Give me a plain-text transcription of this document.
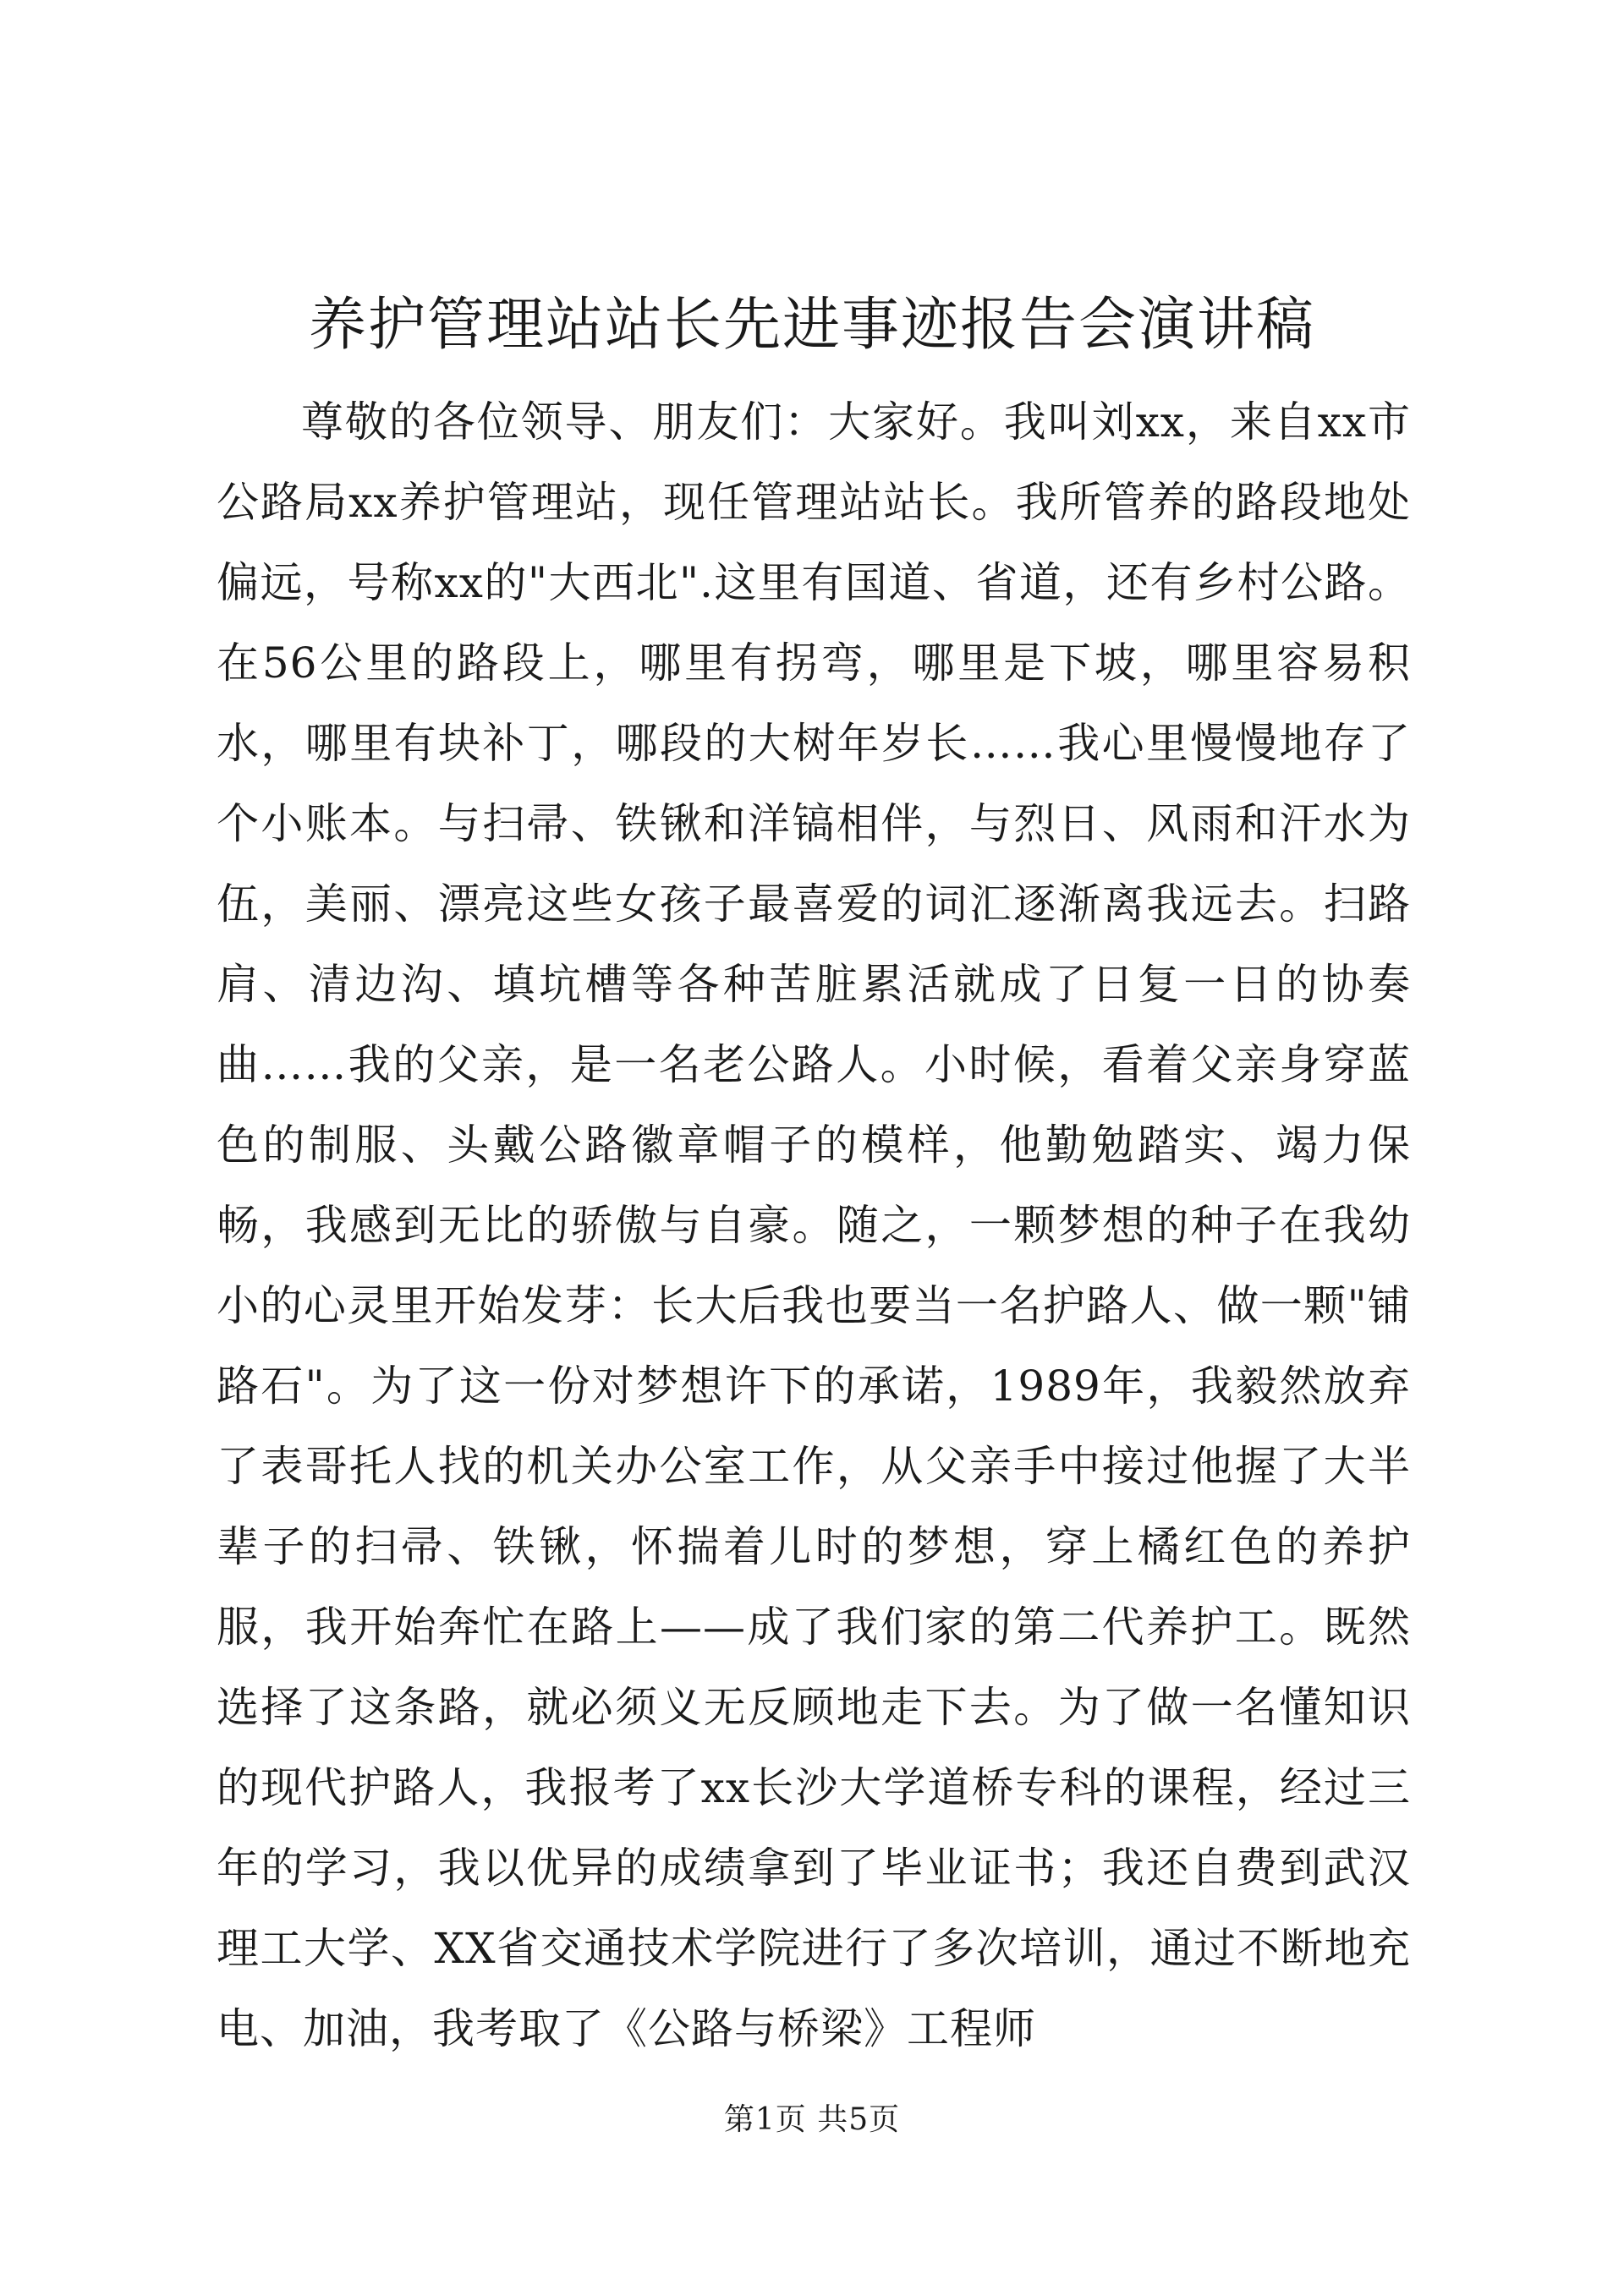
养护管理站站长先进事迹报告会演讲稿

尊敬的各位领导、朋友们：大家好。我叫刘xx，来自xx市公路局xx养护管理站，现任管理站站长。我所管养的路段地处偏远，号称xx的"大西北".这里有国道、省道，还有乡村公路。在56公里的路段上，哪里有拐弯，哪里是下坡，哪里容易积水，哪里有块补丁，哪段的大树年岁长……我心里慢慢地存了个小账本。与扫帚、铁锹和洋镐相伴，与烈日、风雨和汗水为伍，美丽、漂亮这些女孩子最喜爱的词汇逐渐离我远去。扫路肩、清边沟、填坑槽等各种苦脏累活就成了日复一日的协奏曲……我的父亲，是一名老公路人。小时候，看着父亲身穿蓝色的制服、头戴公路徽章帽子的模样，他勤勉踏实、竭力保畅，我感到无比的骄傲与自豪。随之，一颗梦想的种子在我幼小的心灵里开始发芽：长大后我也要当一名护路人、做一颗"铺路石"。为了这一份对梦想许下的承诺，1989年，我毅然放弃了表哥托人找的机关办公室工作，从父亲手中接过他握了大半辈子的扫帚、铁锹，怀揣着儿时的梦想，穿上橘红色的养护服，我开始奔忙在路上——成了我们家的第二代养护工。既然选择了这条路，就必须义无反顾地走下去。为了做一名懂知识的现代护路人，我报考了xx长沙大学道桥专科的课程，经过三年的学习，我以优异的成绩拿到了毕业证书；我还自费到武汉理工大学、XX省交通技术学院进行了多次培训，通过不断地充电、加油，我考取了《公路与桥梁》工程师

第1页 共5页
